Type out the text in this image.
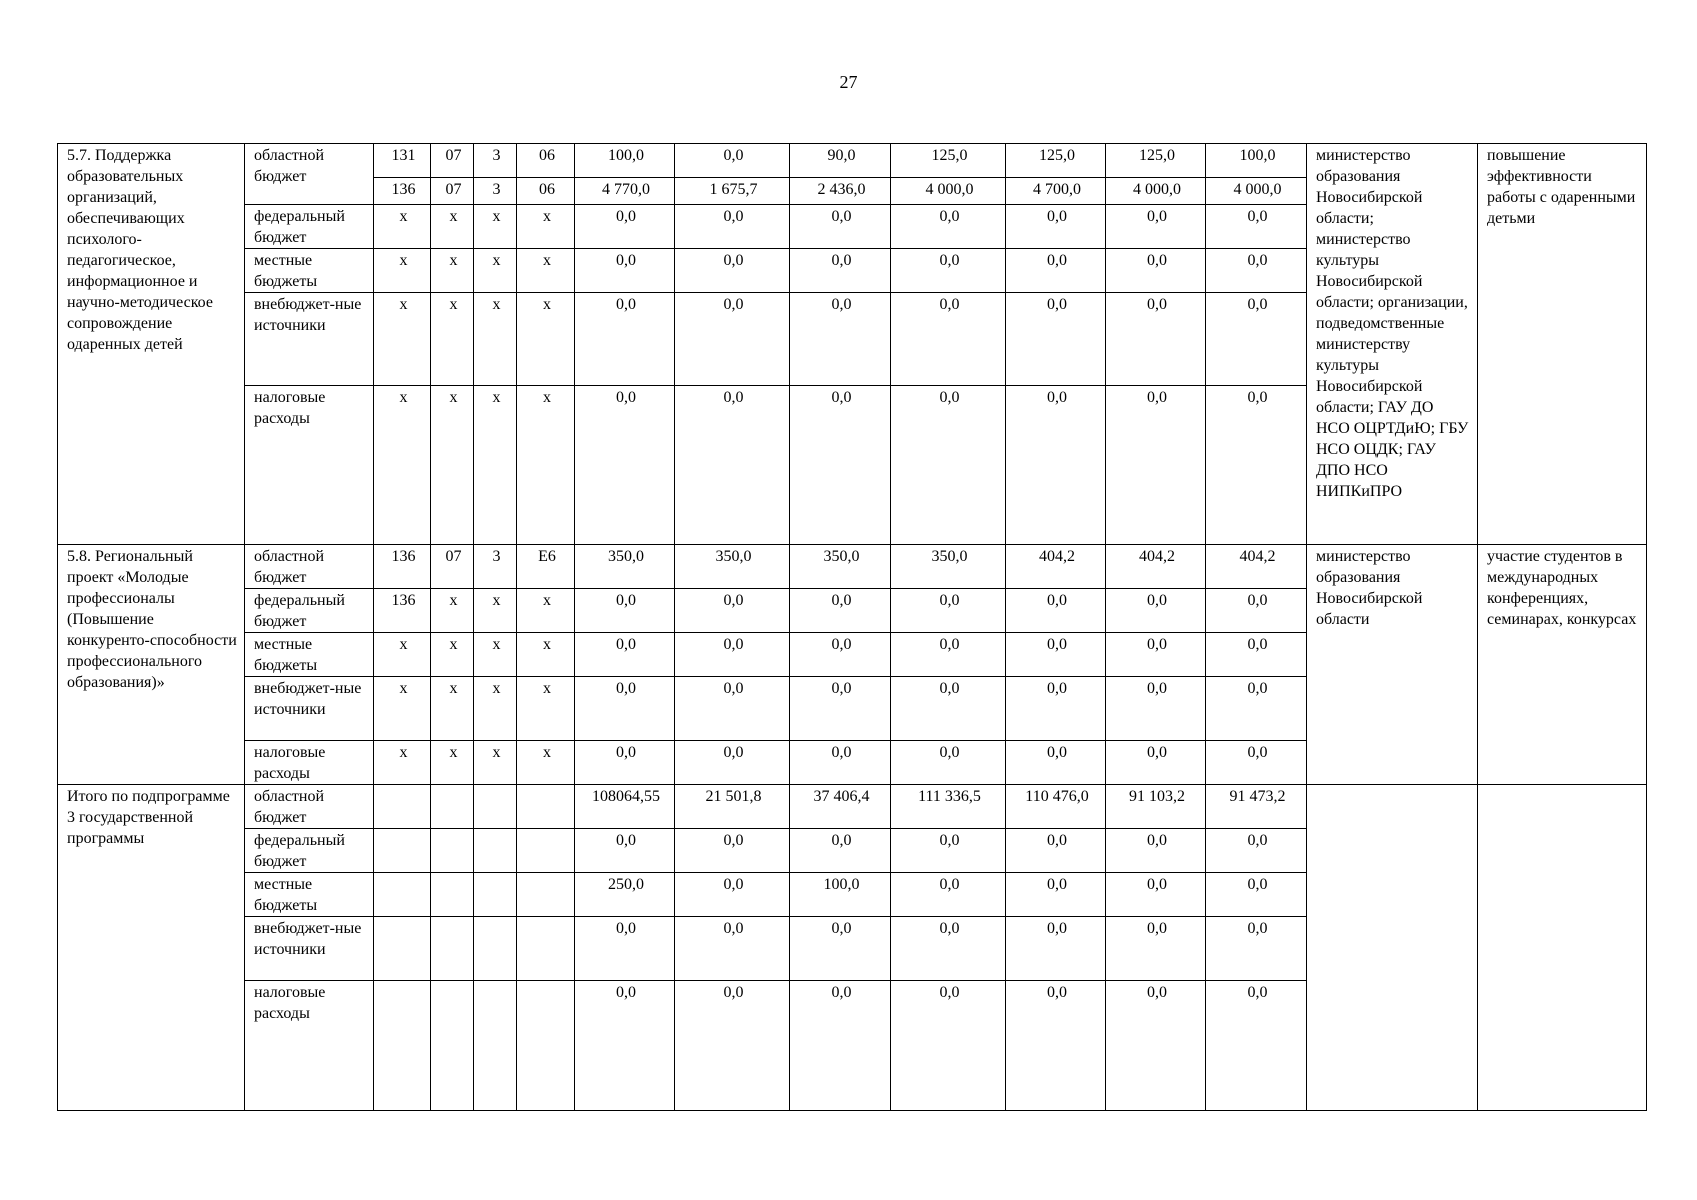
27
5.7. Поддержка образовательных организаций, обеспечивающих психолого-педагогическое, информационное и научно-методическое сопровождение одаренных детей	областной бюджет	131	07	3	06	100,0	0,0	90,0	125,0	125,0	125,0	100,0	министерство образования Новосибирской области; министерство культуры Новосибирской области; организации, подведомственные министерству культуры Новосибирской области; ГАУ ДО НСО ОЦРТДиЮ; ГБУ НСО ОЦДК; ГАУ ДПО НСО НИПКиПРО	повышение эффективности работы с одаренными детьми
		136	07	3	06	4 770,0	1 675,7	2 436,0	4 000,0	4 700,0	4 000,0	4 000,0		
	федеральный бюджет	x	x	x	x	0,0	0,0	0,0	0,0	0,0	0,0	0,0		
	местные бюджеты	x	x	x	x	0,0	0,0	0,0	0,0	0,0	0,0	0,0		
	внебюджет-ные источники	x	x	x	x	0,0	0,0	0,0	0,0	0,0	0,0	0,0		
	налоговые расходы	x	x	x	x	0,0	0,0	0,0	0,0	0,0	0,0	0,0		
5.8. Региональный проект «Молодые профессионалы (Повышение конкуренто-способности профессионального образования)»	областной бюджет	136	07	3	Е6	350,0	350,0	350,0	350,0	404,2	404,2	404,2	министерство образования Новосибирской области	участие студентов в международных конференциях, семинарах, конкурсах
	федеральный бюджет	136	x	x	x	0,0	0,0	0,0	0,0	0,0	0,0	0,0		
	местные бюджеты	x	x	x	x	0,0	0,0	0,0	0,0	0,0	0,0	0,0		
	внебюджет-ные источники	x	x	x	x	0,0	0,0	0,0	0,0	0,0	0,0	0,0		
	налоговые расходы	x	x	x	x	0,0	0,0	0,0	0,0	0,0	0,0	0,0		
Итого по подпрограмме 3 государственной программы	областной бюджет					108064,55	21 501,8	37 406,4	111 336,5	110 476,0	91 103,2	91 473,2		
	федеральный бюджет					0,0	0,0	0,0	0,0	0,0	0,0	0,0		
	местные бюджеты					250,0	0,0	100,0	0,0	0,0	0,0	0,0		
	внебюджет-ные источники					0,0	0,0	0,0	0,0	0,0	0,0	0,0		
	налоговые расходы					0,0	0,0	0,0	0,0	0,0	0,0	0,0		
